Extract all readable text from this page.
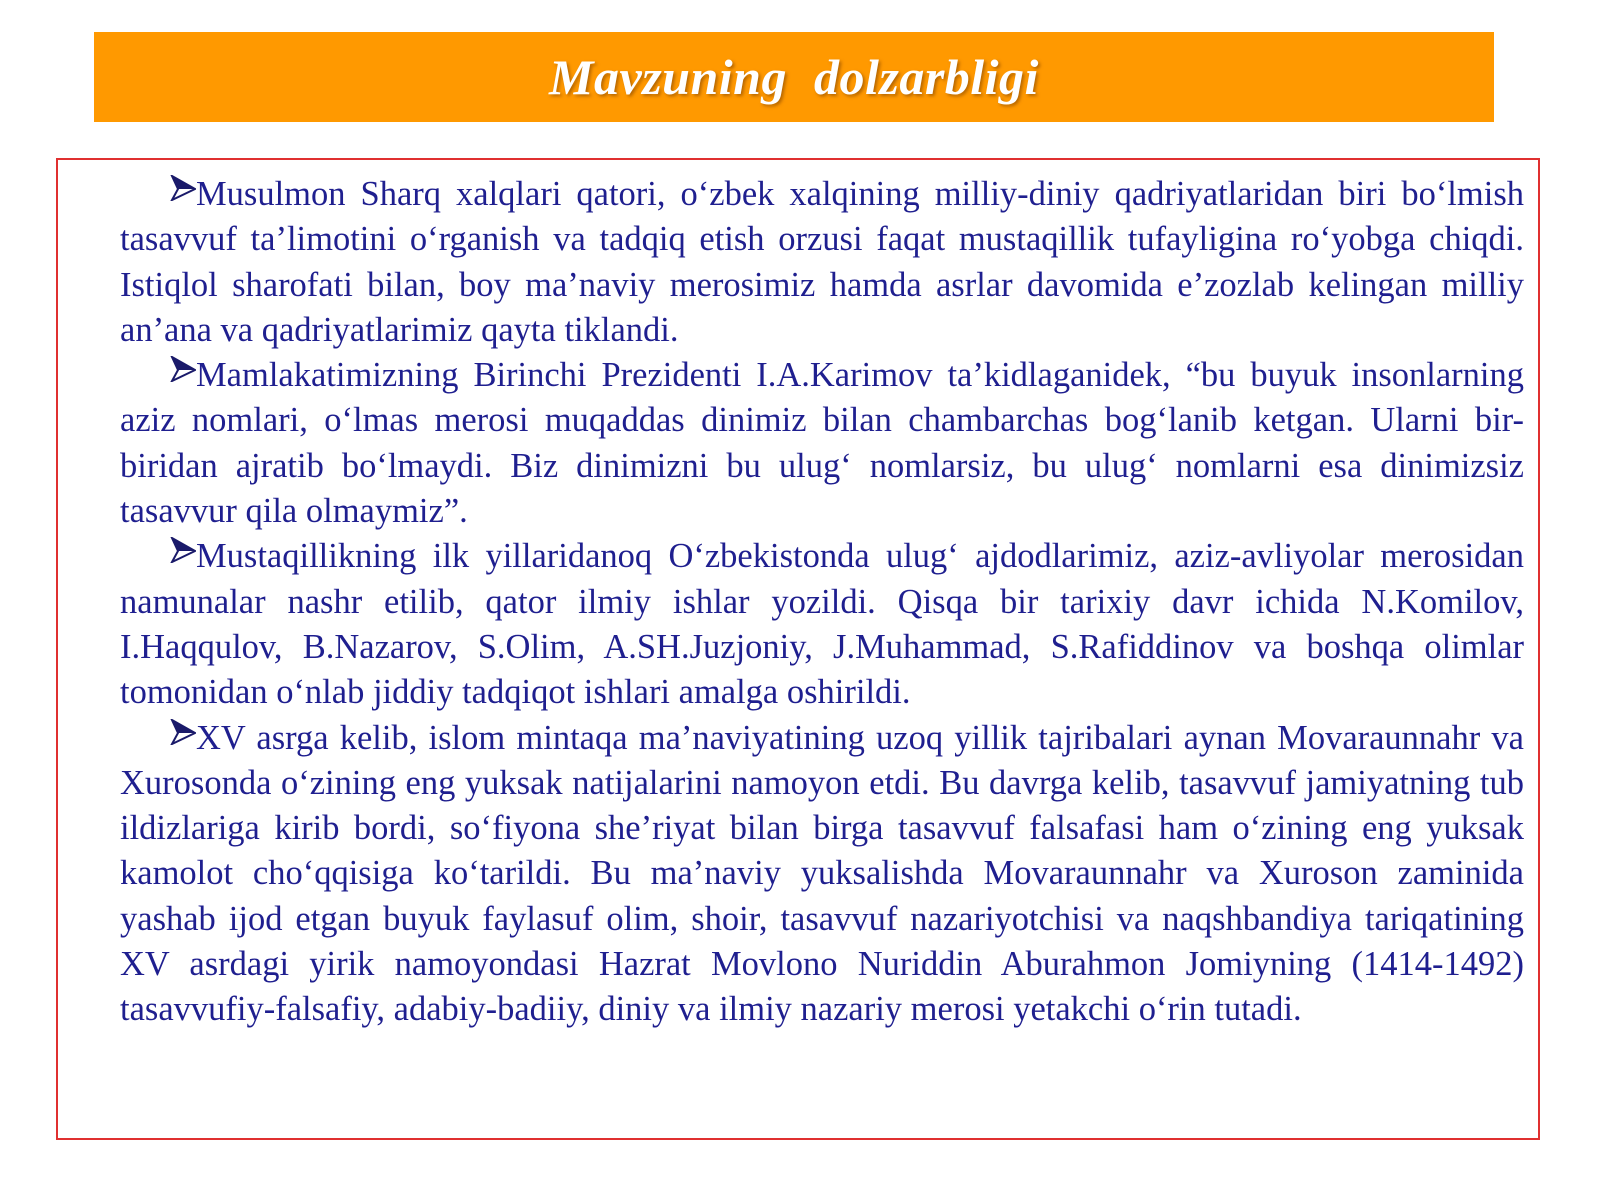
Mavzuning dolzarbligi

Musulmon Sharq xalqlari qatori, o‘zbek xalqining milliy-diniy qadriyatlaridan biri bo‘lmish tasavvuf ta’limotini o‘rganish va tadqiq etish orzusi faqat mustaqillik tufayligina ro‘yobga chiqdi. Istiqlol sharofati bilan, boy ma’naviy merosimiz hamda asrlar davomida e’zozlab kelingan milliy an’ana va qadriyatlarimiz qayta tiklandi.

Mamlakatimizning Birinchi Prezidenti I.A.Karimov ta’kidlaganidek, “bu buyuk insonlarning aziz nomlari, o‘lmas merosi muqaddas dinimiz bilan chambarchas bog‘lanib ketgan. Ularni bir-biridan ajratib bo‘lmaydi. Biz dinimizni bu ulug‘ nomlarsiz, bu ulug‘ nomlarni esa dinimizsiz tasavvur qila olmaymiz”.

Mustaqillikning ilk yillaridanoq O‘zbekistonda ulug‘ ajdodlarimiz, aziz-avliyolar merosidan namunalar nashr etilib, qator ilmiy ishlar yozildi. Qisqa bir tarixiy davr ichida N.Komilov, I.Haqqulov, B.Nazarov, S.Olim, A.SH.Juzjoniy, J.Muhammad, S.Rafiddinov va boshqa olimlar tomonidan o‘nlab jiddiy tadqiqot ishlari amalga oshirildi.

XV asrga kelib, islom mintaqa ma’naviyatining uzoq yillik tajribalari aynan Movaraunnahr va Xurosonda o‘zining eng yuksak natijalarini namoyon etdi. Bu davrga kelib, tasavvuf jamiyatning tub ildizlariga kirib bordi, so‘fiyona she’riyat bilan birga tasavvuf falsafasi ham o‘zining eng yuksak kamolot cho‘qqisiga ko‘tarildi. Bu ma’naviy yuksalishda Movaraunnahr va Xuroson zaminida yashab ijod etgan buyuk faylasuf olim, shoir, tasavvuf nazariyotchisi va naqshbandiya tariqatining XV asrdagi yirik namoyondasi Hazrat Movlono Nuriddin Aburahmon Jomiyning (1414-1492) tasavvufiy-falsafiy, adabiy-badiiy, diniy va ilmiy nazariy merosi yetakchi o‘rin tutadi.
